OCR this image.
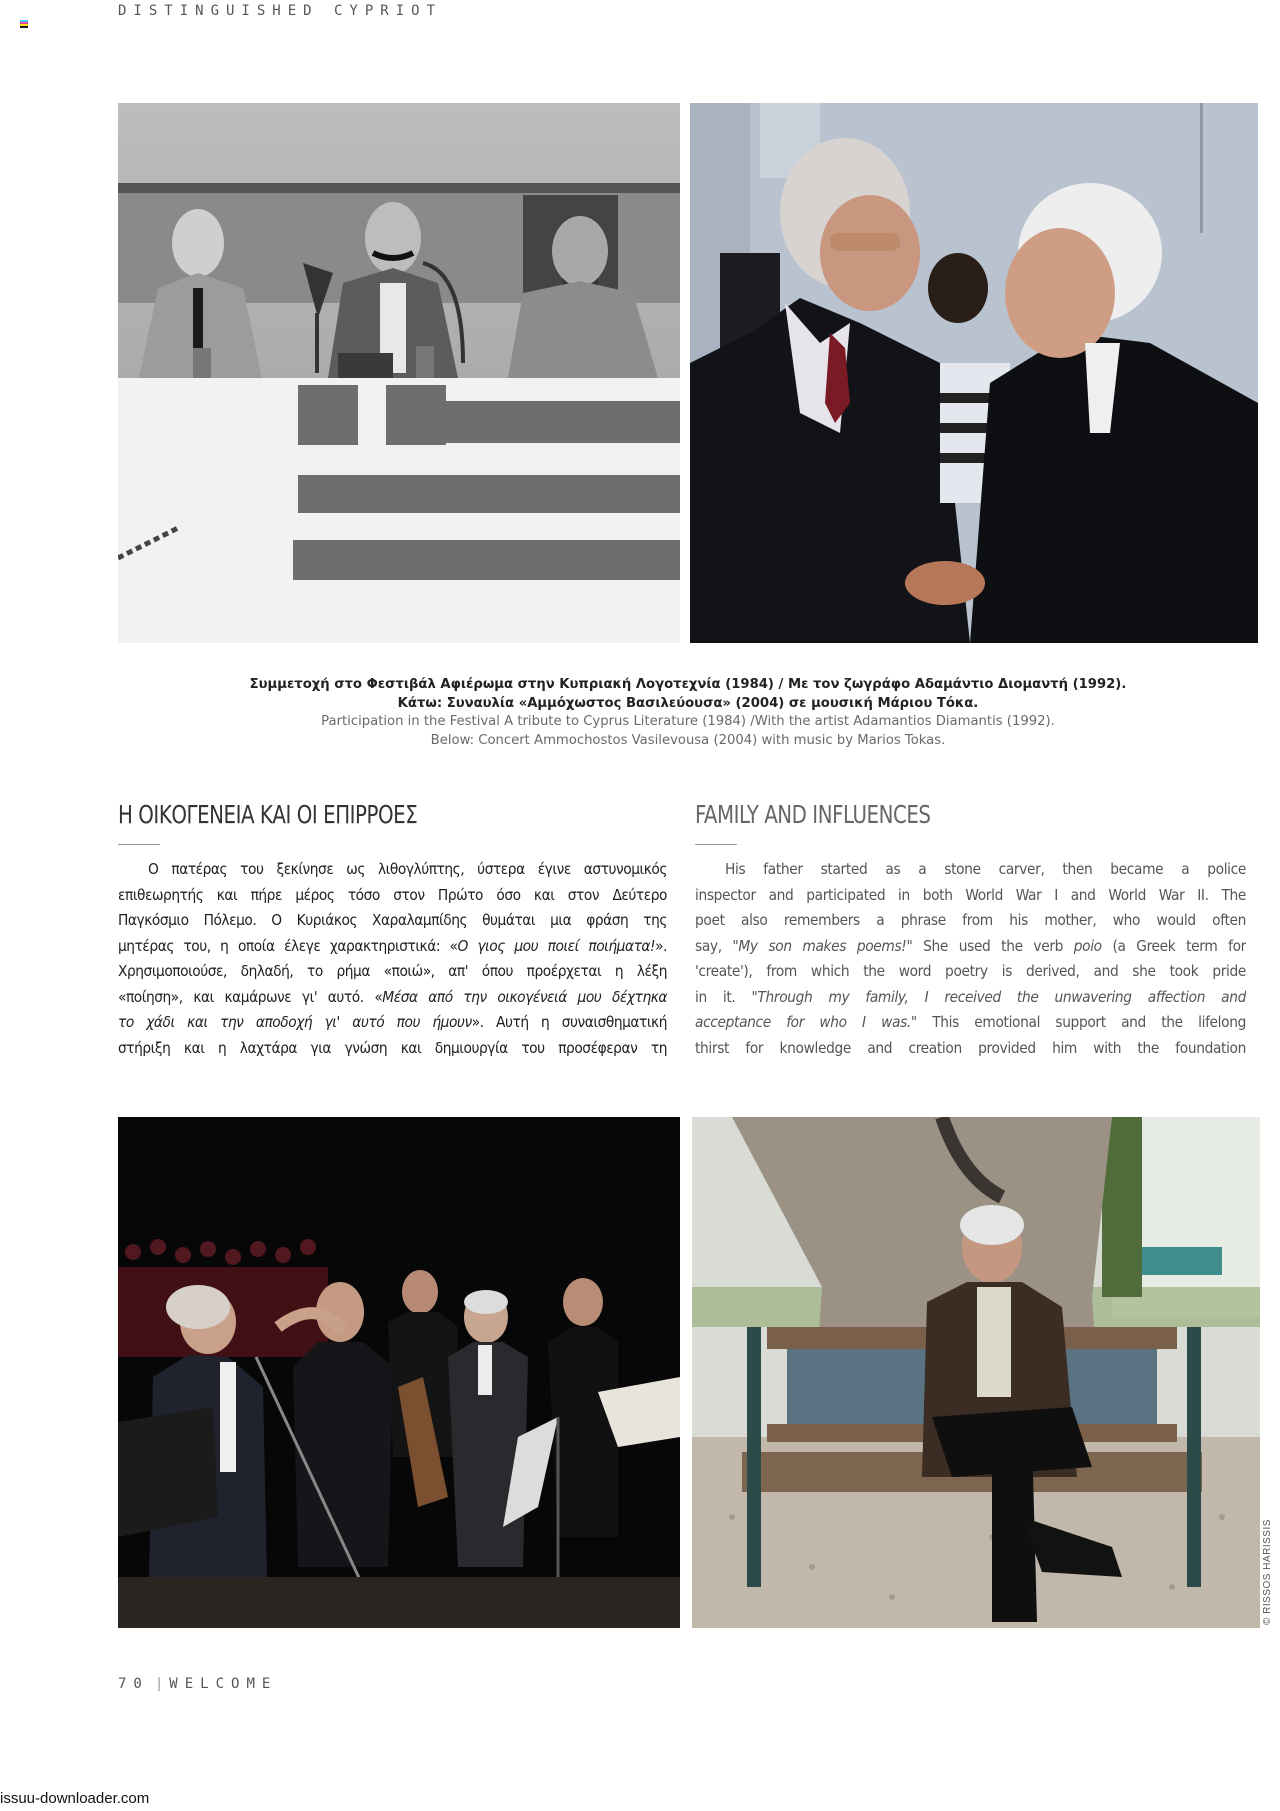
DISTINGUISHED CYPRIOT
Συμμετοχή στο Φεστιβάλ Αφιέρωμα στην Κυπριακή Λογοτεχνία (1984) / Με τον ζωγράφο Αδαμάντιο Διομαντή (1992).
Κάτω: Συναυλία «Αμμόχωστος Βασιλεύουσα» (2004) σε μουσική Μάριου Τόκα.
Participation in the Festival A tribute to Cyprus Literature (1984) /With the artist Adamantios Diamantis (1992).
Below: Concert Ammochostos Vasilevousa (2004) with music by Marios Tokas.
Η ΟΙΚΟΓΕΝΕΙΑ ΚΑΙ ΟΙ ΕΠΙΡΡΟΕΣ
Ο πατέρας του ξεκίνησε ως λιθογλύπτης, ύστερα έγινε αστυνομικός
επιθεωρητής και πήρε μέρος τόσο στον Πρώτο όσο και στον Δεύτερο
Παγκόσμιο Πόλεμο. Ο Κυριάκος Χαραλαμπίδης θυμάται μια φράση της
μητέρας του, η οποία έλεγε χαρακτηριστικά: «Ο γιος μου ποιεί ποιήματα!».
Χρησιμοποιούσε, δηλαδή, το ρήμα «ποιώ», απ' όπου προέρχεται η λέξη
«ποίηση», και καμάρωνε γι' αυτό. «Μέσα από την οικογένειά μου δέχτηκα
το χάδι και την αποδοχή γι' αυτό που ήμουν». Αυτή η συναισθηματική
στήριξη και η λαχτάρα για γνώση και δημιουργία του προσέφεραν τη
FAMILY AND INFLUENCES
His father started as a stone carver, then became a police
inspector and participated in both World War I and World War II. The
poet also remembers a phrase from his mother, who would often
say, "My son makes poems!" She used the verb poio (a Greek term for
'create'), from which the word poetry is derived, and she took pride
in it. "Through my family, I received the unwavering affection and
acceptance for who I was." This emotional support and the lifelong
thirst for knowledge and creation provided him with the foundation
© RISSOS HARISSIS
70 | WELCOME
issuu-downloader.com
